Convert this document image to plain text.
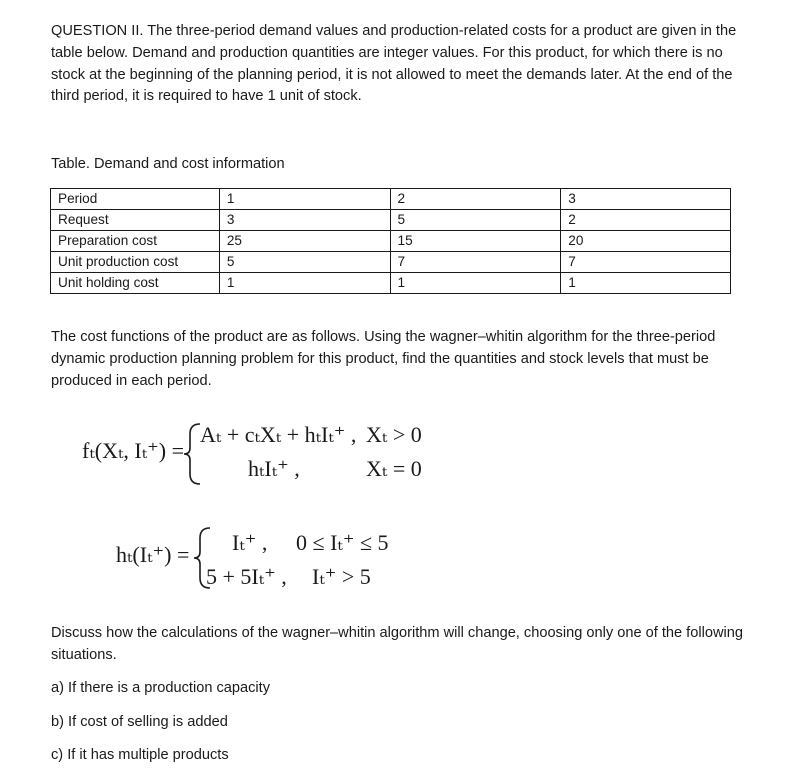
QUESTION II. The three-period demand values and production-related costs for a product are given in the table below. Demand and production quantities are integer values. For this product, for which there is no stock at the beginning of the planning period, it is not allowed to meet the demands later. At the end of the third period, it is required to have 1 unit of stock.

Table. Demand and cost information

Period	1	2	3
Request	3	5	2
Preparation cost	25	15	20
Unit production cost	5	7	7
Unit holding cost	1	1	1

The cost functions of the product are as follows. Using the wagner–whitin algorithm for the three-period dynamic production planning problem for this product, find the quantities and stock levels that must be produced in each period.

fₜ(Xₜ, Iₜ⁺) =
Aₜ + cₜXₜ + hₜIₜ⁺ , Xₜ > 0
hₜIₜ⁺ ,	Xₜ = 0
hₜ(Iₜ⁺) = Iₜ⁺ , 0 ≤ Iₜ⁺ ≤ 5
5 + 5Iₜ⁺ , Iₜ⁺ > 5

Discuss how the calculations of the wagner–whitin algorithm will change, choosing only one of the following situations.

a) If there is a production capacity

b) If cost of selling is added

c) If it has multiple products
